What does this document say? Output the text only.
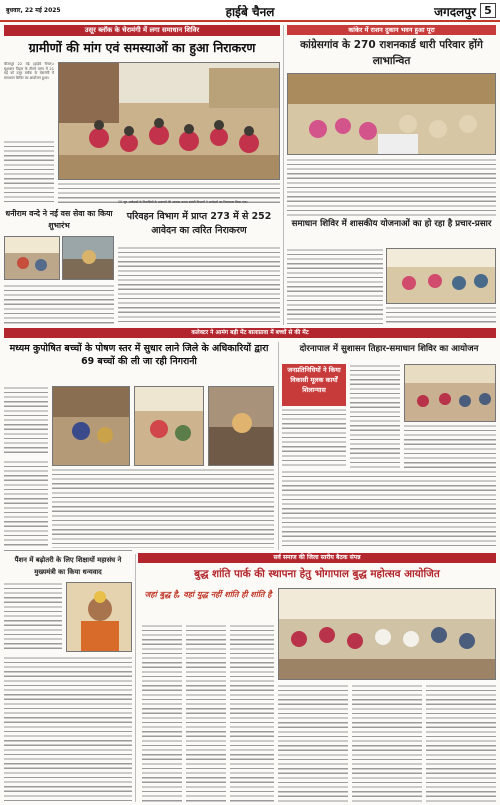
बुधवार, 22 मई 2025	हाईबे चैनल	जगदलपुर 5
उसूर ब्लॉक के चेरामंगी में लगा समाधान शिविर
ग्रामीणों की मांग एवं समस्याओं का हुआ निराकरण
बीजापुर 22 मई (हाईबे चैनल)। सुशासन तिहार के तीसरे चरण में 21 मई को उसूर ब्लॉक के चेरामंगी में समाधान शिविर का आयोजन हुआ।
कांकेर में राशन दुकान भवन हुआ पूरा
कांग्रेसगांव के 270 राशनकार्ड धारी परिवार होंगे लाभान्वित
धनीराम वन्दे ने नई वस सेवा का किया शुभारंभ
परिवहन विभाग में प्राप्त 273 में से 252 आवेदन का त्वरित निराकरण
20 जून आवेदकों के निवासियों के प्रकरणों की आवास जनता संबंधी विभागों ने आवेदनों का निराकरण किया गया।
समाधान शिविर में शासकीय योजनाओं का हो रहा है प्रचार-प्रसार
कलेक्टर ने आमंग बड़ी मेंट बालाप्रावा में बच्चों से की मेंट
मध्यम कुपोषित बच्चों के पोषण स्तर में सुधार लाने जिले के अधिकारियों द्वारा 69 बच्चों की ली जा रही निगरानी
दोरनापाल में सुशासन तिहार-समाधान शिविर का आयोजन
जनप्रतिनिधियों ने किया विकासी मूलक कार्यों शिलान्यास
पैंशन में बढ़ोतरी के लिए शिक्षायों महासंघ ने मुख्यमंत्री का किया धन्यवाद
सर्व समाज की जिला स्तरीय बैठक संपन्न
बुद्ध शांति पार्क की स्थापना हेतु भोगापाल बुद्ध महोत्सव आयोजित
जहां बुद्ध है, वहां युद्ध नहीं शांति ही शांति है
